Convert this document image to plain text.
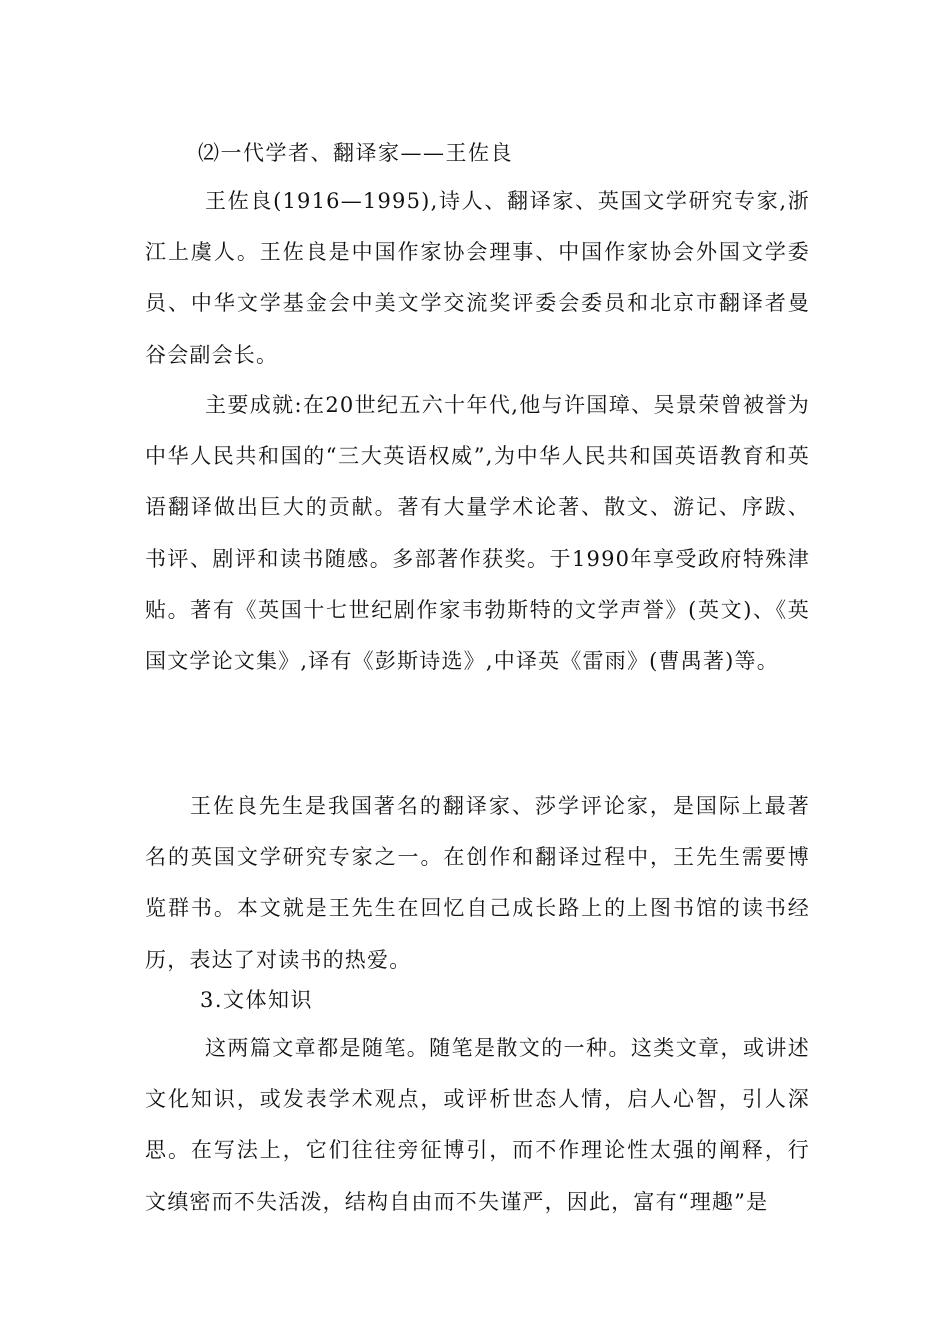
⑵一代学者、翻译家——王佐良

王佐良(1916—1995),诗人、翻译家、英国文学研究专家,浙江上虞人。王佐良是中国作家协会理事、中国作家协会外国文学委员、中华文学基金会中美文学交流奖评委会委员和北京市翻译者曼谷会副会长。

主要成就:在20世纪五六十年代,他与许国璋、吴景荣曾被誉为中华人民共和国的“三大英语权威”,为中华人民共和国英语教育和英语翻译做出巨大的贡献。著有大量学术论著、散文、游记、序跋、书评、剧评和读书随感。多部著作获奖。于1990年享受政府特殊津贴。著有《英国十七世纪剧作家韦勃斯特的文学声誉》(英文)、《英国文学论文集》,译有《彭斯诗选》,中译英《雷雨》(曹禺著)等。

王佐良先生是我国著名的翻译家、莎学评论家，是国际上最著名的英国文学研究专家之一。在创作和翻译过程中，王先生需要博览群书。本文就是王先生在回忆自己成长路上的上图书馆的读书经历，表达了对读书的热爱。

3.文体知识

这两篇文章都是随笔。随笔是散文的一种。这类文章，或讲述文化知识，或发表学术观点，或评析世态人情，启人心智，引人深思。在写法上，它们往往旁征博引，而不作理论性太强的阐释，行文缜密而不失活泼，结构自由而不失谨严，因此，富有“理趣”是
